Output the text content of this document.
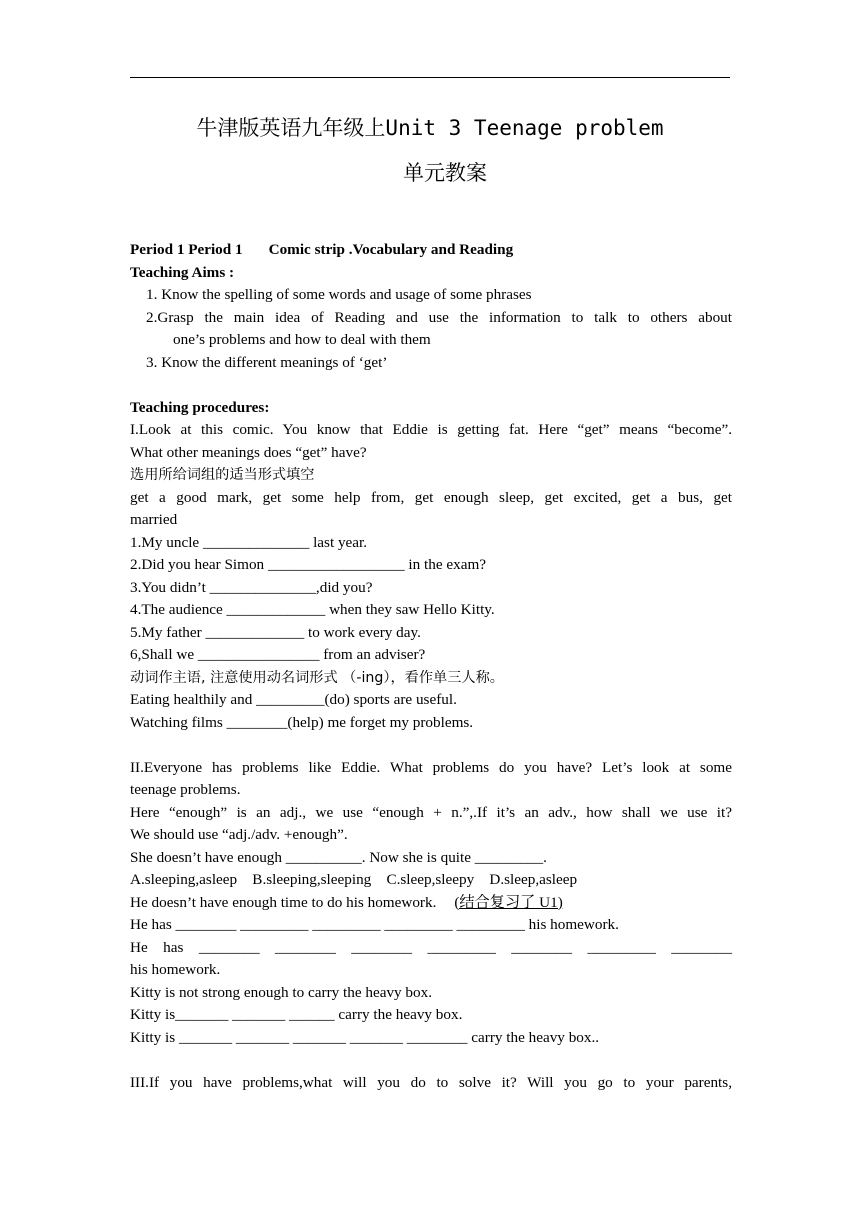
牛津版英语九年级上Unit 3 Teenage problem
单元教案

Period 1 Period 1 Comic strip .Vocabulary and Reading

Teaching Aims :

1. Know the spelling of some words and usage of some phrases

2.Grasp the main idea of Reading and use the information to talk to others about

one’s problems and how to deal with them

3. Know the different meanings of ‘get’

Teaching procedures:

I.Look at this comic. You know that Eddie is getting fat. Here “get” means “become”.

What other meanings does “get” have?

选用所给词组的适当形式填空

get a good mark, get some help from, get enough sleep, get excited, get a bus, get

married

1.My uncle ______________ last year.

2.Did you hear Simon __________________ in the exam?

3.You didn’t ______________,did you?

4.The audience _____________ when they saw Hello Kitty.

5.My father _____________ to work every day.

6,Shall we ________________ from an adviser?

动词作主语, 注意使用动名词形式 （-ing），看作单三人称。

Eating healthily and _________(do) sports are useful.

Watching films ________(help) me forget my problems.

II.Everyone has problems like Eddie. What problems do you have? Let’s look at some

teenage problems.

Here “enough” is an adj., we use “enough + n.”,.If it’s an adv., how shall we use it?

We should use “adj./adv. +enough”.

She doesn’t have enough __________. Now she is quite _________.

A.sleeping,asleep    B.sleeping,sleeping    C.sleep,sleepy    D.sleep,asleep

He doesn’t have enough time to do his homework. (结合复习了 U1)

He has ________ _________ _________ _________ _________ his homework.

He has ________ ________ ________ _________ ________ _________ ________

his homework.

Kitty is not strong enough to carry the heavy box.

Kitty is_______ _______ ______ carry the heavy box.

Kitty is _______ _______ _______ _______ ________ carry the heavy box..

III.If you have problems,what will you do to solve it? Will you go to your parents,
